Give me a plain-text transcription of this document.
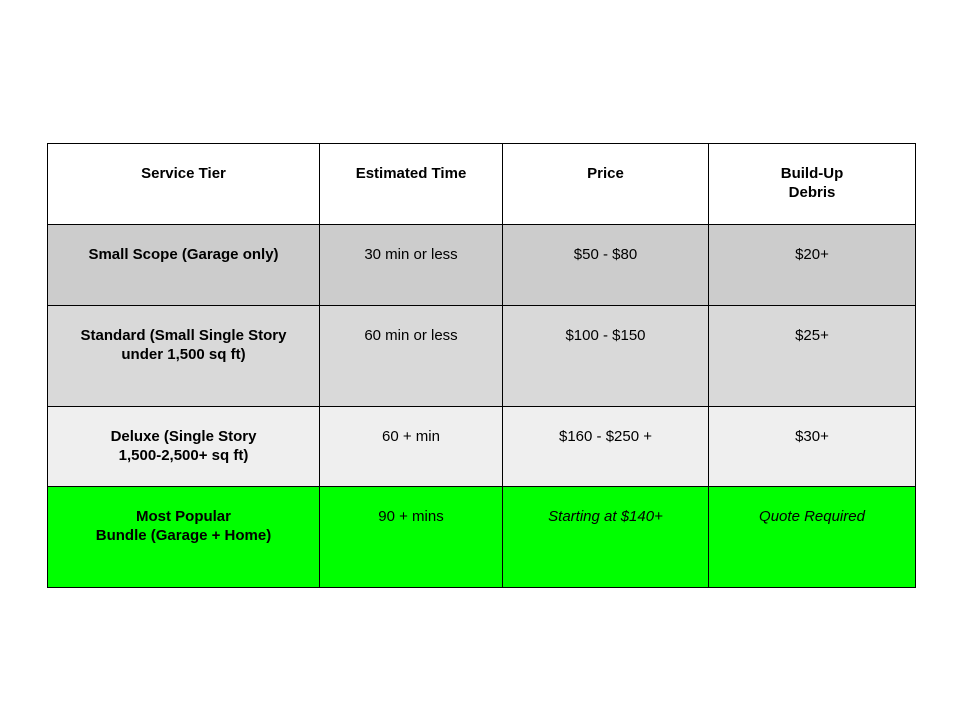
Service Tier	Estimated Time	Price	Build-Up
Debris

Small Scope (Garage only)	30 min or less	$50 - $80	$20+

Standard (Small Single Story
under 1,500 sq ft)	60 min or less	$100 - $150	$25+

Deluxe (Single Story
1,500-2,500+ sq ft)	60 + min	$160 - $250 +	$30+

Most Popular
Bundle (Garage + Home)	90 + mins	Starting at $140+	Quote Required
